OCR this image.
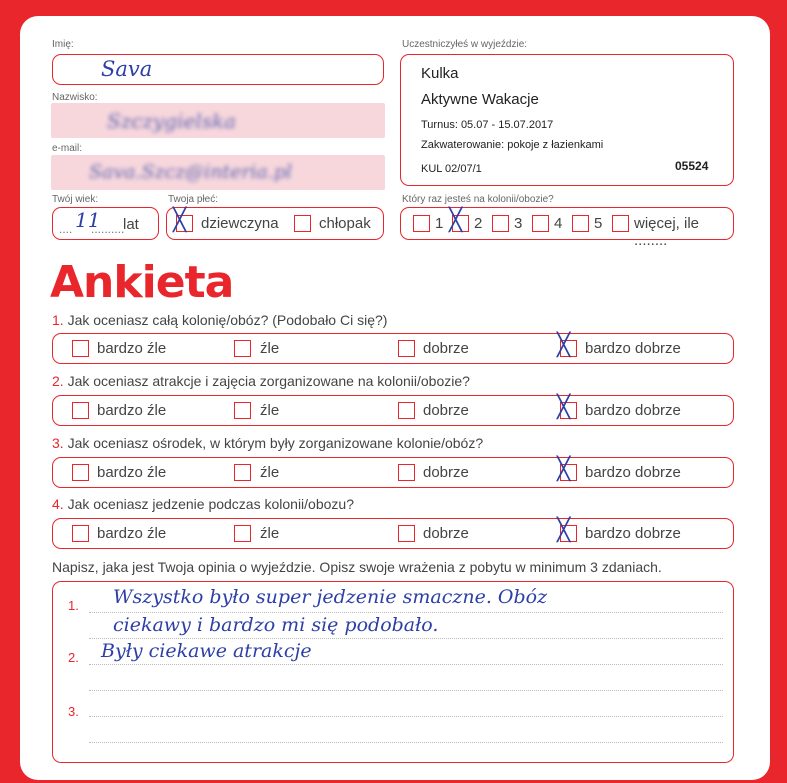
Imię:
Sava
Nazwisko:
Szczygielska
e-mail:
Sava.Szcz@interia.pl
Twój wiek:
.... 11
..........
lat
Twoja płeć:
╳ dziewczyna	chłopak
Uczestniczyłeś w wyjeździe:
Kulka
Aktywne Wakacje
Turnus: 05.07 - 15.07.2017
Zakwaterowanie: pokoje z łazienkami
KUL 02/07/1	05524
Który raz jesteś na kolonii/obozie?
1 ╳ 2 3 4 5 więcej, ile ........
Ankieta
1. Jak oceniasz całą kolonię/obóz? (Podobało Ci się?)
bardzo źle	źle	dobrze	╳ bardzo dobrze
2. Jak oceniasz atrakcje i zajęcia zorganizowane na kolonii/obozie?
bardzo źle	źle	dobrze	╳ bardzo dobrze
3. Jak oceniasz ośrodek, w którym były zorganizowane kolonie/obóz?
bardzo źle	źle	dobrze	╳ bardzo dobrze
4. Jak oceniasz jedzenie podczas kolonii/obozu?
bardzo źle	źle	dobrze	╳ bardzo dobrze
Napisz, jaka jest Twoja opinia o wyjeździe. Opisz swoje wrażenia z pobytu w minimum 3 zdaniach.
1.
2.
3.
Wszystko było super jedzenie smaczne. Obóz
ciekawy i bardzo mi się podobało.
Były ciekawe atrakcje
